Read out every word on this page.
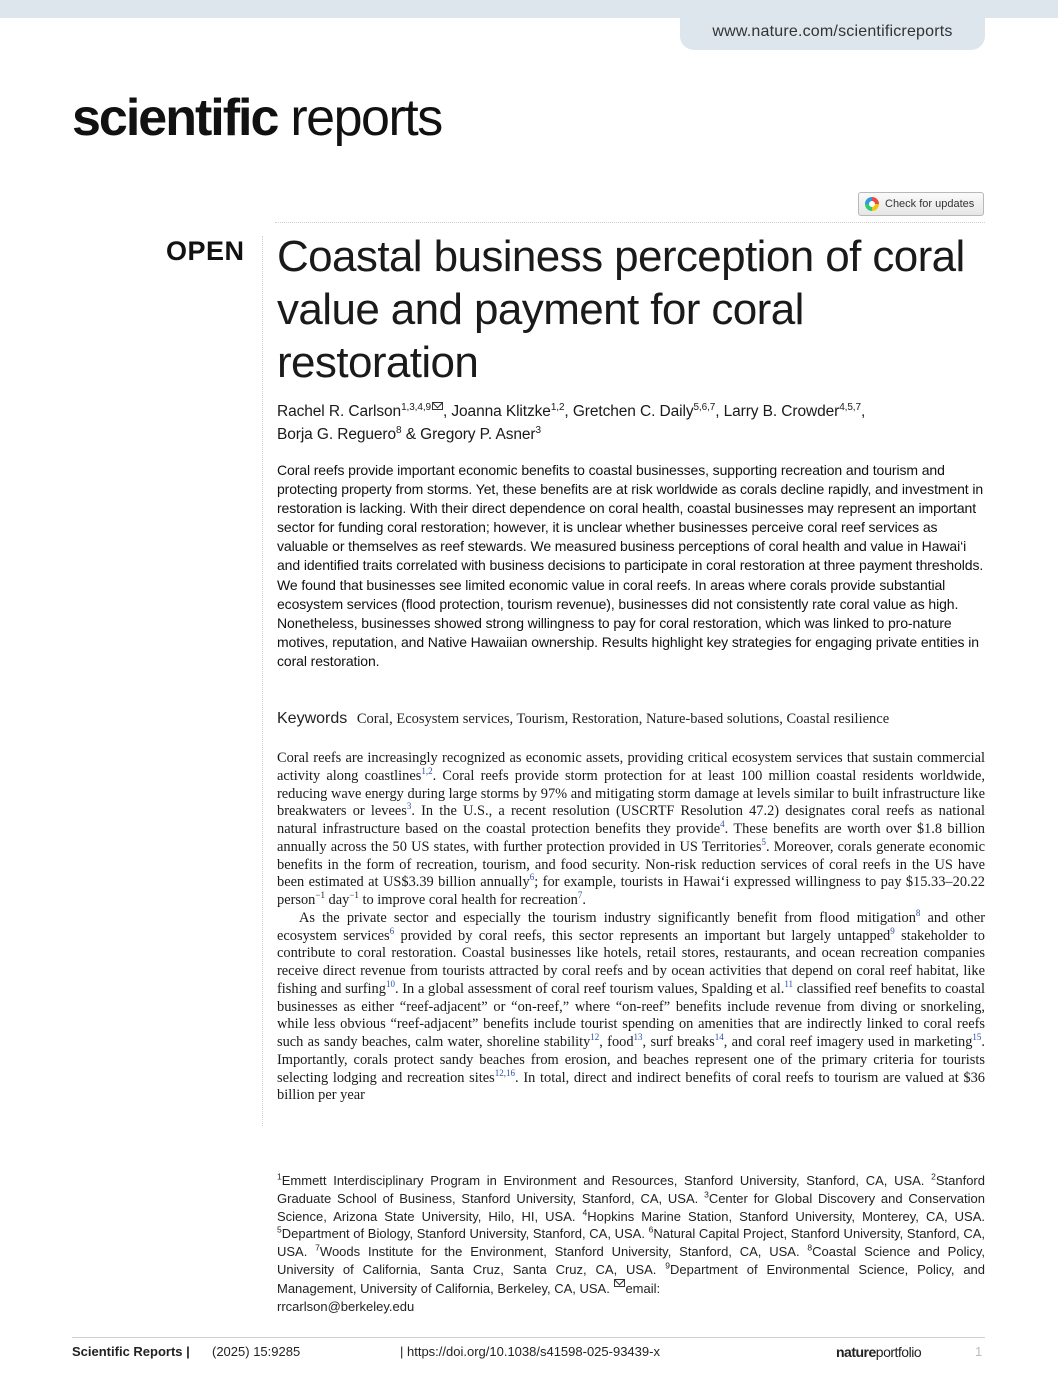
www.nature.com/scientificreports
scientific reports
Check for updates
OPEN Coastal business perception of coral value and payment for coral restoration
Rachel R. Carlson$^{1,3,4,9}$ , Joanna Klitzke$^{1,2}$, Gretchen C. Daily$^{5,6,7}$, Larry B. Crowder$^{4,5,7}$,
Borja G. Reguero$^8$ & Gregory P. Asner$^3$
Coral reefs provide important economic benefits to coastal businesses, supporting recreation and tourism and protecting property from storms. Yet, these benefits are at risk worldwide as corals decline rapidly, and investment in restoration is lacking. With their direct dependence on coral health, coastal businesses may represent an important sector for funding coral restoration; however, it is unclear whether businesses perceive coral reef services as valuable or themselves as reef stewards. We measured business perceptions of coral health and value in Hawai‘i and identified traits correlated with business decisions to participate in coral restoration at three payment thresholds. We found that businesses see limited economic value in coral reefs. In areas where corals provide substantial ecosystem services (flood protection, tourism revenue), businesses did not consistently rate coral value as high. Nonetheless, businesses showed strong willingness to pay for coral restoration, which was linked to pro-nature motives, reputation, and Native Hawaiian ownership. Results highlight key strategies for engaging private entities in coral restoration.
Keywords Coral, Ecosystem services, Tourism, Restoration, Nature-based solutions, Coastal resilience

Coral reefs are increasingly recognized as economic assets, providing critical ecosystem services that sustain commercial activity along coastlines$^{1,2}$. Coral reefs provide storm protection for at least 100 million coastal residents worldwide, reducing wave energy during large storms by 97% and mitigating storm damage at levels similar to built infrastructure like breakwaters or levees$^3$. In the U.S., a recent resolution (USCRTF Resolution 47.2) designates coral reefs as national natural infrastructure based on the coastal protection benefits they provide$^4$. These benefits are worth over $1.8 billion annually across the 50 US states, with further protection provided in US Territories$^5$. Moreover, corals generate economic benefits in the form of recreation, tourism, and food security. Non-risk reduction services of coral reefs in the US have been estimated at US$3.39 billion annually$^6$; for example, tourists in Hawai‘i expressed willingness to pay $15.33–20.22 person$^{-1}$ day$^{-1}$ to improve coral health for recreation$^7$.

As the private sector and especially the tourism industry significantly benefit from flood mitigation$^8$ and other ecosystem services$^6$ provided by coral reefs, this sector represents an important but largely untapped$^9$ stakeholder to contribute to coral restoration. Coastal businesses like hotels, retail stores, restaurants, and ocean recreation companies receive direct revenue from tourists attracted by coral reefs and by ocean activities that depend on coral reef habitat, like fishing and surfing$^{10}$. In a global assessment of coral reef tourism values, Spalding et al.$^{11}$ classified reef benefits to coastal businesses as either “reef-adjacent” or “on-reef,” where “on-reef” benefits include revenue from diving or snorkeling, while less obvious “reef-adjacent” benefits include tourist spending on amenities that are indirectly linked to coral reefs such as sandy beaches, calm water, shoreline stability$^{12}$, food$^{13}$, surf breaks$^{14}$, and coral reef imagery used in marketing$^{15}$. Importantly, corals protect sandy beaches from erosion, and beaches represent one of the primary criteria for tourists selecting lodging and recreation sites$^{12,16}$. In total, direct and indirect benefits of coral reefs to tourism are valued at $36 billion per year

$^1$Emmett Interdisciplinary Program in Environment and Resources, Stanford University, Stanford, CA, USA. $^2$Stanford Graduate School of Business, Stanford University, Stanford, CA, USA. $^3$Center for Global Discovery and Conservation Science, Arizona State University, Hilo, HI, USA. $^4$Hopkins Marine Station, Stanford University, Monterey, CA, USA. $^5$Department of Biology, Stanford University, Stanford, CA, USA. $^6$Natural Capital Project, Stanford University, Stanford, CA, USA. $^7$Woods Institute for the Environment, Stanford University, Stanford, CA, USA. $^8$Coastal Science and Policy, University of California, Santa Cruz, Santa Cruz, CA, USA. $^9$Department of Environmental Science, Policy, and Management, University of California, Berkeley, CA, USA. email:
rrcarlson@berkeley.edu
Scientific Reports | (2025) 15:9285	| https://doi.org/10.1038/s41598-025-93439-x	natureportfolio	1
